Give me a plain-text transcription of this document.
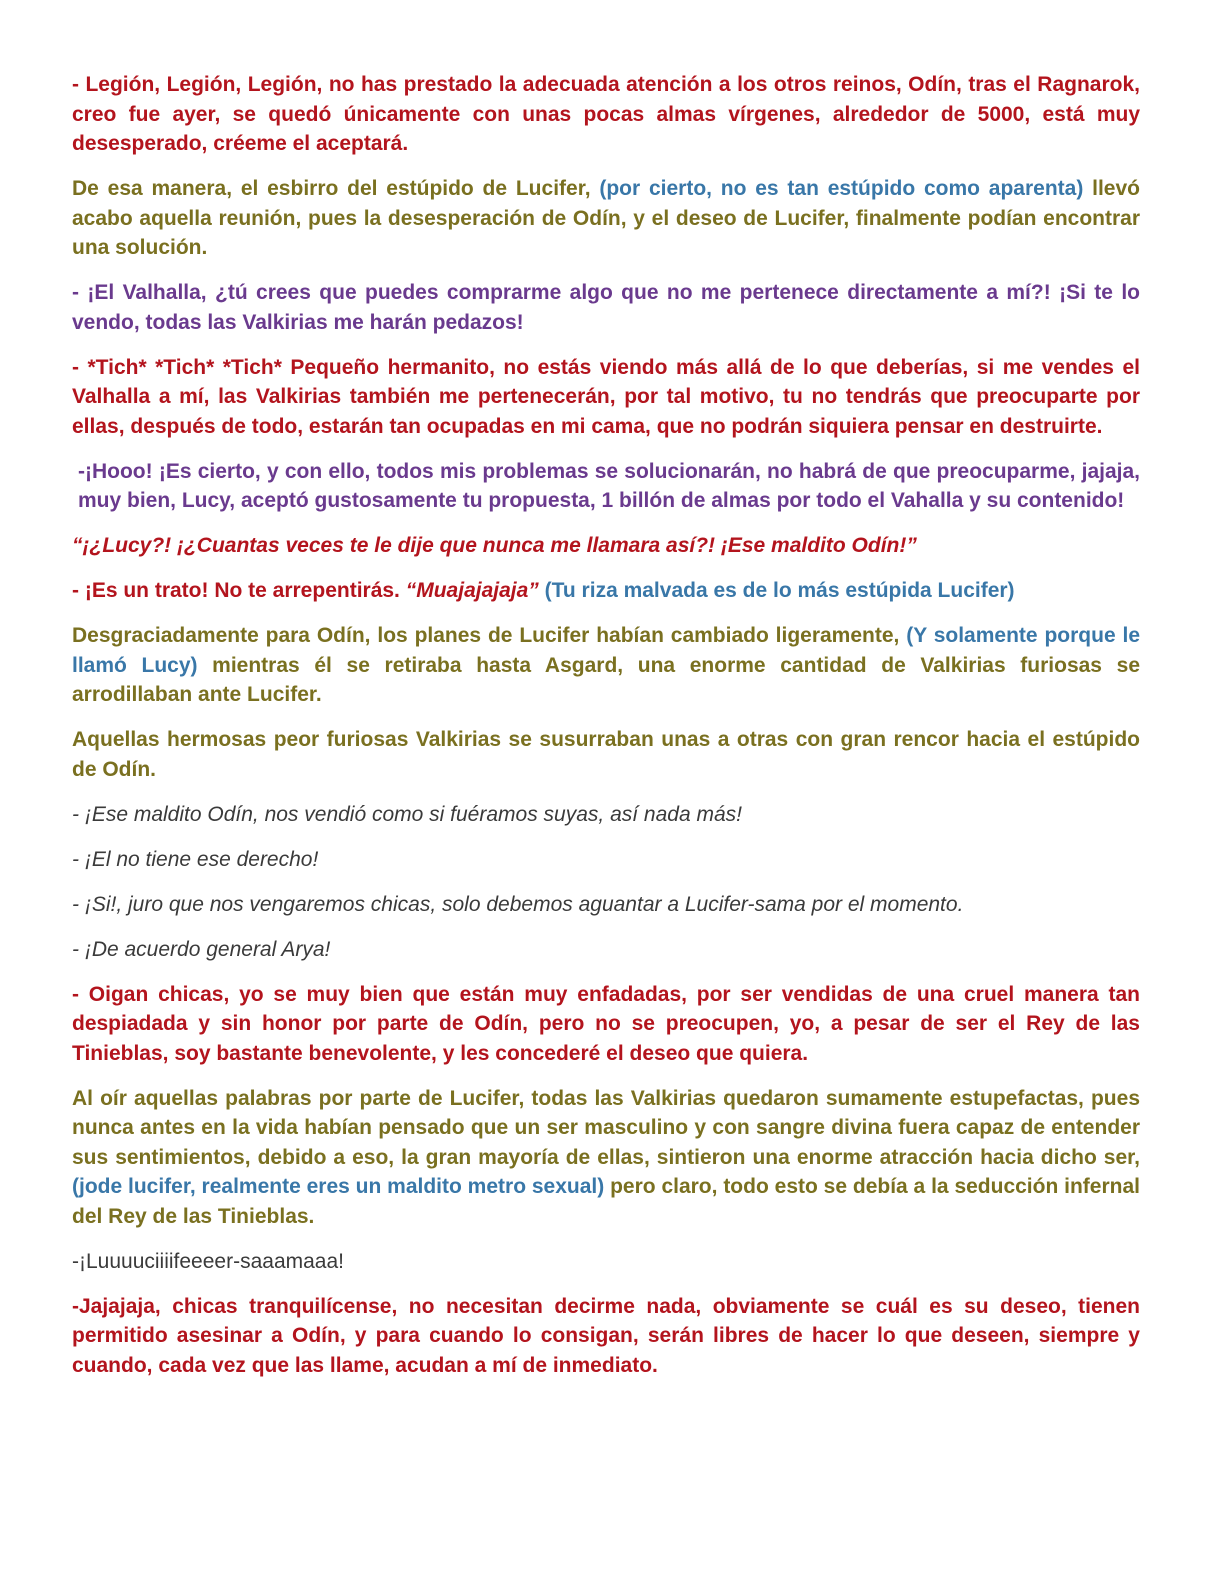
- Legión, Legión, Legión, no has prestado la adecuada atención a los otros reinos, Odín, tras el Ragnarok, creo fue ayer, se quedó únicamente con unas pocas almas vírgenes, alrededor de 5000, está muy desesperado, créeme el aceptará.

De esa manera, el esbirro del estúpido de Lucifer, (por cierto, no es tan estúpido como aparenta) llevó acabo aquella reunión, pues la desesperación de Odín, y el deseo de Lucifer, finalmente podían encontrar una solución.

- ¡El Valhalla, ¿tú crees que puedes comprarme algo que no me pertenece directamente a mí?! ¡Si te lo vendo, todas las Valkirias me harán pedazos!

- *Tich* *Tich* *Tich* Pequeño hermanito, no estás viendo más allá de lo que deberías, si me vendes el Valhalla a mí, las Valkirias también me pertenecerán, por tal motivo, tu no tendrás que preocuparte por ellas, después de todo, estarán tan ocupadas en mi cama, que no podrán siquiera pensar en destruirte.

-¡Hooo! ¡Es cierto, y con ello, todos mis problemas se solucionarán, no habrá de que preocuparme, jajaja, muy bien, Lucy, aceptó gustosamente tu propuesta, 1 billón de almas por todo el Vahalla y su contenido!

“¡¿Lucy?! ¡¿Cuantas veces te le dije que nunca me llamara así?! ¡Ese maldito Odín!”

- ¡Es un trato! No te arrepentirás. “Muajajajaja” (Tu riza malvada es de lo más estúpida Lucifer)

Desgraciadamente para Odín, los planes de Lucifer habían cambiado ligeramente, (Y solamente porque le llamó Lucy) mientras él se retiraba hasta Asgard, una enorme cantidad de Valkirias furiosas se arrodillaban ante Lucifer.

Aquellas hermosas peor furiosas Valkirias se susurraban unas a otras con gran rencor hacia el estúpido de Odín.

- ¡Ese maldito Odín, nos vendió como si fuéramos suyas, así nada más!

- ¡El no tiene ese derecho!

- ¡Si!, juro que nos vengaremos chicas, solo debemos aguantar a Lucifer-sama por el momento.

- ¡De acuerdo general Arya!

- Oigan chicas, yo se muy bien que están muy enfadadas, por ser vendidas de una cruel manera tan despiadada y sin honor por parte de Odín, pero no se preocupen, yo, a pesar de ser el Rey de las Tinieblas, soy bastante benevolente, y les concederé el deseo que quiera.

Al oír aquellas palabras por parte de Lucifer, todas las Valkirias quedaron sumamente estupefactas, pues nunca antes en la vida habían pensado que un ser masculino y con sangre divina fuera capaz de entender sus sentimientos, debido a eso, la gran mayoría de ellas, sintieron una enorme atracción hacia dicho ser, (jode lucifer, realmente eres un maldito metro sexual) pero claro, todo esto se debía a la seducción infernal del Rey de las Tinieblas.

-¡Luuuuciiiifeeeer-saaamaaa!

-Jajajaja, chicas tranquilícense, no necesitan decirme nada, obviamente se cuál es su deseo, tienen permitido asesinar a Odín, y para cuando lo consigan, serán libres de hacer lo que deseen, siempre y cuando, cada vez que las llame, acudan a mí de inmediato.
